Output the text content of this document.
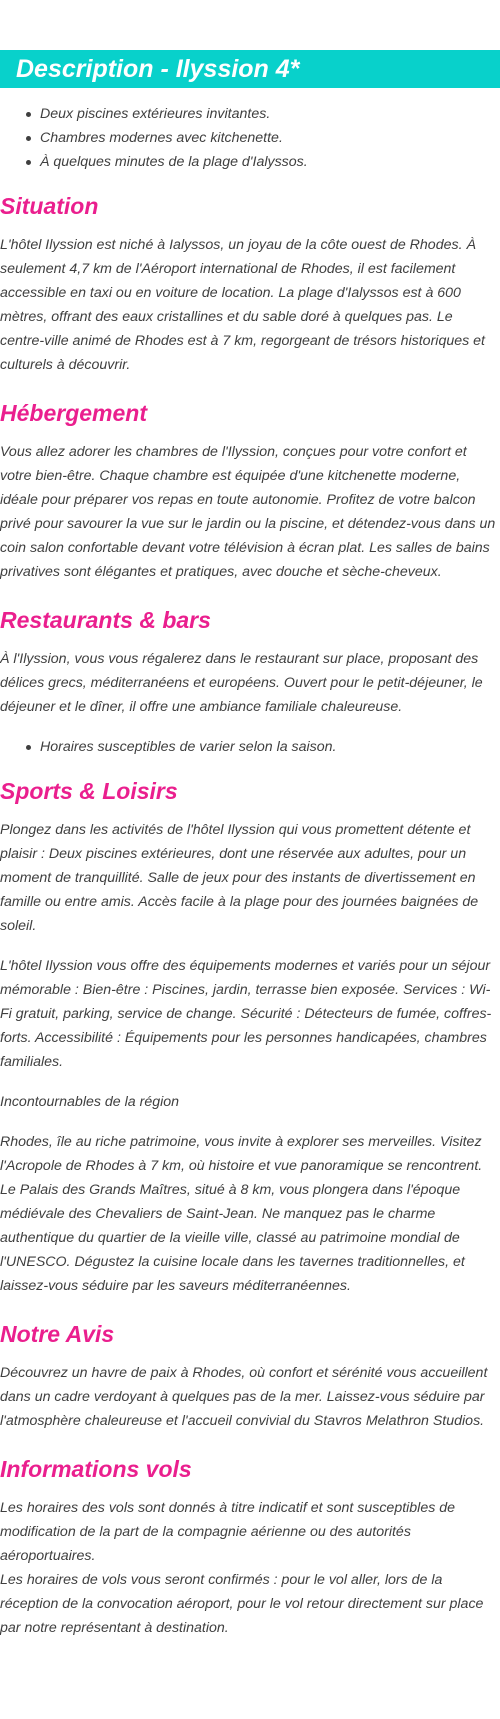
Description - Ilyssion 4*
Deux piscines extérieures invitantes.
Chambres modernes avec kitchenette.
À quelques minutes de la plage d'Ialyssos.
Situation

L'hôtel Ilyssion est niché à Ialyssos, un joyau de la côte ouest de Rhodes. À seulement 4,7 km de l'Aéroport international de Rhodes, il est facilement accessible en taxi ou en voiture de location. La plage d'Ialyssos est à 600 mètres, offrant des eaux cristallines et du sable doré à quelques pas. Le centre-ville animé de Rhodes est à 7 km, regorgeant de trésors historiques et culturels à découvrir.

Hébergement

Vous allez adorer les chambres de l'Ilyssion, conçues pour votre confort et votre bien-être. Chaque chambre est équipée d'une kitchenette moderne, idéale pour préparer vos repas en toute autonomie. Profitez de votre balcon privé pour savourer la vue sur le jardin ou la piscine, et détendez-vous dans un coin salon confortable devant votre télévision à écran plat. Les salles de bains privatives sont élégantes et pratiques, avec douche et sèche-cheveux.

Restaurants & bars

À l'Ilyssion, vous vous régalerez dans le restaurant sur place, proposant des délices grecs, méditerranéens et européens. Ouvert pour le petit-déjeuner, le déjeuner et le dîner, il offre une ambiance familiale chaleureuse.

Horaires susceptibles de varier selon la saison.
Sports & Loisirs

Plongez dans les activités de l'hôtel Ilyssion qui vous promettent détente et plaisir : Deux piscines extérieures, dont une réservée aux adultes, pour un moment de tranquillité. Salle de jeux pour des instants de divertissement en famille ou entre amis. Accès facile à la plage pour des journées baignées de soleil.

L'hôtel Ilyssion vous offre des équipements modernes et variés pour un séjour mémorable : Bien-être : Piscines, jardin, terrasse bien exposée. Services : Wi-Fi gratuit, parking, service de change. Sécurité : Détecteurs de fumée, coffres-forts. Accessibilité : Équipements pour les personnes handicapées, chambres familiales.

Incontournables de la région

Rhodes, île au riche patrimoine, vous invite à explorer ses merveilles. Visitez l'Acropole de Rhodes à 7 km, où histoire et vue panoramique se rencontrent. Le Palais des Grands Maîtres, situé à 8 km, vous plongera dans l'époque médiévale des Chevaliers de Saint-Jean. Ne manquez pas le charme authentique du quartier de la vieille ville, classé au patrimoine mondial de l'UNESCO. Dégustez la cuisine locale dans les tavernes traditionnelles, et laissez-vous séduire par les saveurs méditerranéennes.

Notre Avis

Découvrez un havre de paix à Rhodes, où confort et sérénité vous accueillent dans un cadre verdoyant à quelques pas de la mer. Laissez-vous séduire par l'atmosphère chaleureuse et l'accueil convivial du Stavros Melathron Studios.

Informations vols

Les horaires des vols sont donnés à titre indicatif et sont susceptibles de modification de la part de la compagnie aérienne ou des autorités aéroportuaires.

Les horaires de vols vous seront confirmés : pour le vol aller, lors de la réception de la convocation aéroport, pour le vol retour directement sur place par notre représentant à destination.
